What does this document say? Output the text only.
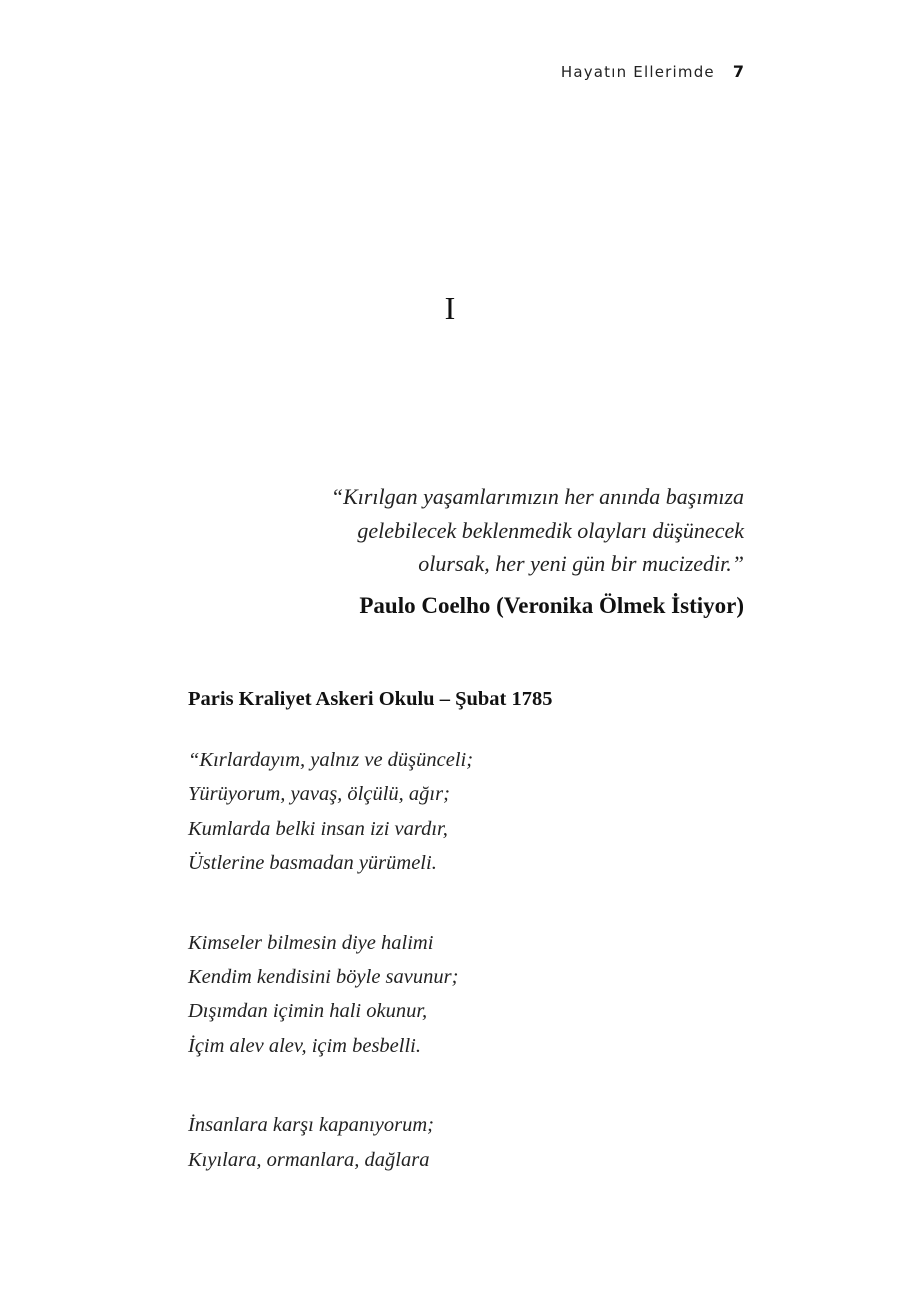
Hayatın Ellerimde 7
I
“Kırılgan yaşamlarımızın her anında başımıza
gelebilecek beklenmedik olayları düşünecek
olursak, her yeni gün bir mucizedir.”
Paulo Coelho (Veronika Ölmek İstiyor)
Paris Kraliyet Askeri Okulu – Şubat 1785
“Kırlardayım, yalnız ve düşünceli;
Yürüyorum, yavaş, ölçülü, ağır;
Kumlarda belki insan izi vardır,
Üstlerine basmadan yürümeli.
Kimseler bilmesin diye halimi
Kendim kendisini böyle savunur;
Dışımdan içimin hali okunur,
İçim alev alev, içim besbelli.
İnsanlara karşı kapanıyorum;
Kıyılara, ormanlara, dağlara
